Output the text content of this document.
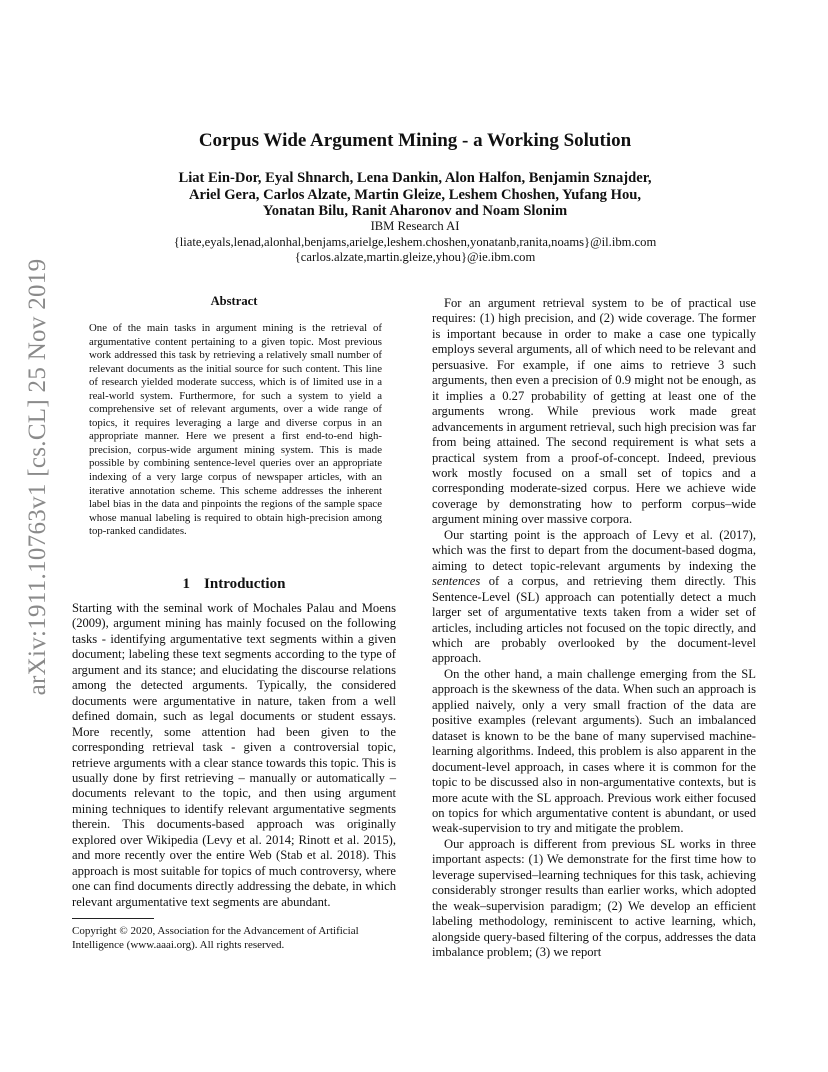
arXiv:1911.10763v1 [cs.CL] 25 Nov 2019
Corpus Wide Argument Mining - a Working Solution
Liat Ein-Dor, Eyal Shnarch, Lena Dankin, Alon Halfon, Benjamin Sznajder,
Ariel Gera, Carlos Alzate, Martin Gleize, Leshem Choshen, Yufang Hou,
Yonatan Bilu, Ranit Aharonov and Noam Slonim
IBM Research AI
{liate,eyals,lenad,alonhal,benjams,arielge,leshem.choshen,yonatanb,ranita,noams}@il.ibm.com
{carlos.alzate,martin.gleize,yhou}@ie.ibm.com
Abstract

One of the main tasks in argument mining is the retrieval of argumentative content pertaining to a given topic. Most previous work addressed this task by retrieving a relatively small number of relevant documents as the initial source for such content. This line of research yielded moderate success, which is of limited use in a real-world system. Furthermore, for such a system to yield a comprehensive set of relevant arguments, over a wide range of topics, it requires leveraging a large and diverse corpus in an appropriate manner. Here we present a first end-to-end high-precision, corpus-wide argument mining system. This is made possible by combining sentence-level queries over an appropriate indexing of a very large corpus of newspaper articles, with an iterative annotation scheme. This scheme addresses the inherent label bias in the data and pinpoints the regions of the sample space whose manual labeling is required to obtain high-precision among top-ranked candidates.

1 Introduction

Starting with the seminal work of Mochales Palau and Moens (2009), argument mining has mainly focused on the following tasks - identifying argumentative text segments within a given document; labeling these text segments according to the type of argument and its stance; and elucidating the discourse relations among the detected arguments. Typically, the considered documents were argumentative in nature, taken from a well defined domain, such as legal documents or student essays. More recently, some attention had been given to the corresponding retrieval task - given a controversial topic, retrieve arguments with a clear stance towards this topic. This is usually done by first retrieving – manually or automatically – documents relevant to the topic, and then using argument mining techniques to identify relevant argumentative segments therein. This documents-based approach was originally explored over Wikipedia (Levy et al. 2014; Rinott et al. 2015), and more recently over the entire Web (Stab et al. 2018). This approach is most suitable for topics of much controversy, where one can find documents directly addressing the debate, in which relevant argumentative text segments are abundant.

Copyright © 2020, Association for the Advancement of Artificial
Intelligence (www.aaai.org). All rights reserved.

For an argument retrieval system to be of practical use requires: (1) high precision, and (2) wide coverage. The former is important because in order to make a case one typically employs several arguments, all of which need to be relevant and persuasive. For example, if one aims to retrieve 3 such arguments, then even a precision of 0.9 might not be enough, as it implies a 0.27 probability of getting at least one of the arguments wrong. While previous work made great advancements in argument retrieval, such high precision was far from being attained. The second requirement is what sets a practical system from a proof-of-concept. Indeed, previous work mostly focused on a small set of topics and a corresponding moderate-sized corpus. Here we achieve wide coverage by demonstrating how to perform corpus–wide argument mining over massive corpora.

Our starting point is the approach of Levy et al. (2017), which was the first to depart from the document-based dogma, aiming to detect topic-relevant arguments by indexing the sentences of a corpus, and retrieving them directly. This Sentence-Level (SL) approach can potentially detect a much larger set of argumentative texts taken from a wider set of articles, including articles not focused on the topic directly, and which are probably overlooked by the document-level approach.

On the other hand, a main challenge emerging from the SL approach is the skewness of the data. When such an approach is applied naively, only a very small fraction of the data are positive examples (relevant arguments). Such an imbalanced dataset is known to be the bane of many supervised machine-learning algorithms. Indeed, this problem is also apparent in the document-level approach, in cases where it is common for the topic to be discussed also in non-argumentative contexts, but is more acute with the SL approach. Previous work either focused on topics for which argumentative content is abundant, or used weak-supervision to try and mitigate the problem.

Our approach is different from previous SL works in three important aspects: (1) We demonstrate for the first time how to leverage supervised–learning techniques for this task, achieving considerably stronger results than earlier works, which adopted the weak–supervision paradigm; (2) We develop an efficient labeling methodology, reminiscent to active learning, which, alongside query-based filtering of the corpus, addresses the data imbalance problem; (3) we report
